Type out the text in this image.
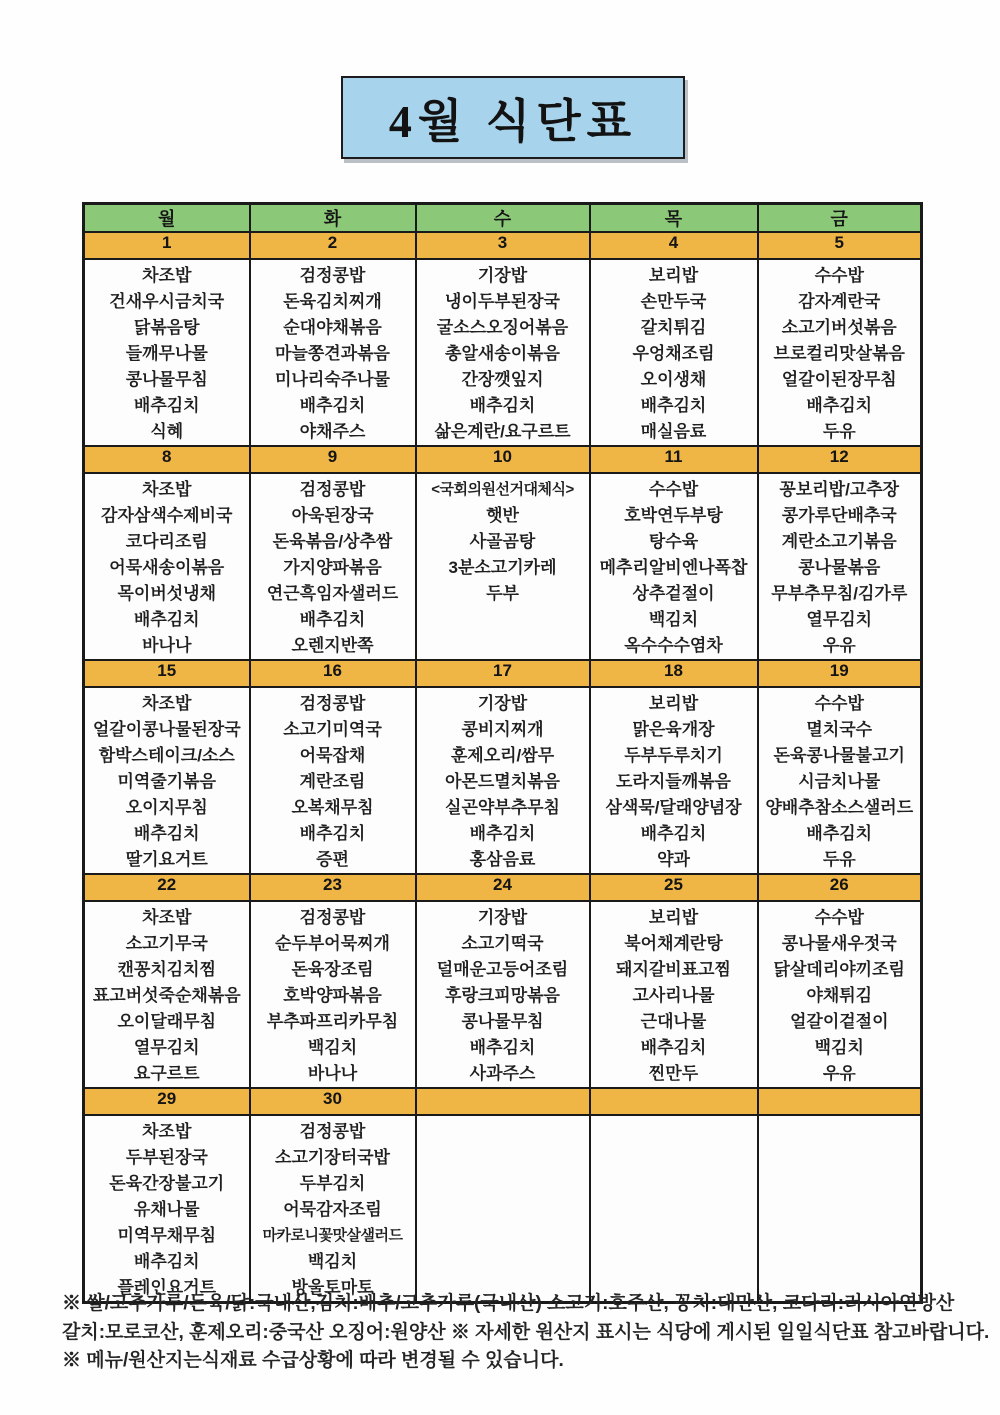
4월 식단표
월	화	수	목	금
1	2	3	4	5

차조밥
건새우시금치국
닭볶음탕
들깨무나물
콩나물무침
배추김치
식혜

검정콩밥
돈육김치찌개
순대야채볶음
마늘쫑견과볶음
미나리숙주나물
배추김치
야채주스

기장밥
냉이두부된장국
굴소스오징어볶음
총알새송이볶음
간장깻잎지
배추김치
삶은계란/요구르트

보리밥
손만두국
갈치튀김
우엉채조림
오이생채
배추김치
매실음료

수수밥
감자계란국
소고기버섯볶음
브로컬리맛살볶음
얼갈이된장무침
배추김치
두유

8	9	10	11	12

차조밥
감자삼색수제비국
코다리조림
어묵새송이볶음
목이버섯냉채
배추김치
바나나

검정콩밥
아욱된장국
돈육볶음/상추쌈
가지양파볶음
연근흑임자샐러드
배추김치
오렌지반쪽

<국회의원선거대체식>
햇반
사골곰탕
3분소고기카레
두부

수수밥
호박연두부탕
탕수육
메추리알비엔나폭찹
상추겉절이
백김치
옥수수수염차

꽁보리밥/고추장
콩가루단배추국
계란소고기볶음
콩나물볶음
무부추무침/김가루
열무김치
우유

15	16	17	18	19

차조밥
얼갈이콩나물된장국
함박스테이크/소스
미역줄기볶음
오이지무침
배추김치
딸기요거트

검정콩밥
소고기미역국
어묵잡채
계란조림
오복채무침
배추김치
증편

기장밥
콩비지찌개
훈제오리/쌈무
아몬드멸치볶음
실곤약부추무침
배추김치
홍삼음료

보리밥
맑은육개장
두부두루치기
도라지들깨볶음
삼색묵/달래양념장
배추김치
약과

수수밥
멸치국수
돈육콩나물불고기
시금치나물
양배추참소스샐러드
배추김치
두유

22	23	24	25	26

차조밥
소고기무국
캔꽁치김치찜
표고버섯죽순채볶음
오이달래무침
열무김치
요구르트

검정콩밥
순두부어묵찌개
돈육장조림
호박양파볶음
부추파프리카무침
백김치
바나나

기장밥
소고기떡국
덜매운고등어조림
후랑크피망볶음
콩나물무침
배추김치
사과주스

보리밥
북어채계란탕
돼지갈비표고찜
고사리나물
근대나물
배추김치
찐만두

수수밥
콩나물새우젓국
닭살데리야끼조림
야채튀김
얼갈이겉절이
백김치
우유

29	30			

차조밥
두부된장국
돈육간장불고기
유채나물
미역무채무침
배추김치
플레인요거트

검정콩밥
소고기장터국밥
두부김치
어묵감자조림
마카로니꽃맛살샐러드
백김치
방울토마토

※ 쌀/고추가루/돈육/닭:국내산,김치:배추/고추가루(국내산) 소고기:호주산, 꽁치:대만산, 코다리:러시아연방산
갈치:모로코산, 훈제오리:중국산 오징어:원양산 ※ 자세한 원산지 표시는 식당에 게시된 일일식단표 참고바랍니다.
※ 메뉴/원산지는식재료 수급상황에 따라 변경될 수 있습니다.
